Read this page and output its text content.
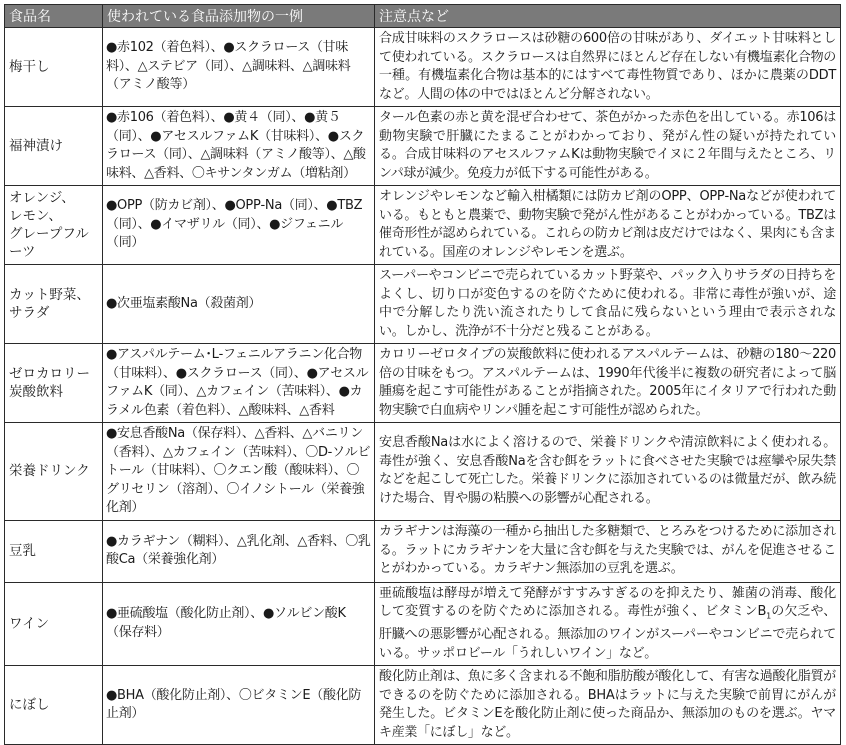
食品名	使われている食品添加物の一例	注意点など
梅干し	●赤102（着色料）、●スクラロース（甘味料）、△ステビア（同）、△調味料、△調味料（アミノ酸等）	合成甘味料のスクラロースは砂糖の600倍の甘味があり、ダイエット甘味料として使われている。スクラロースは自然界にほとんど存在しない有機塩素化合物の一種。有機塩素化合物は基本的にはすべて毒性物質であり、ほかに農薬のDDTなど。人間の体の中ではほとんど分解されない。
福神漬け	●赤106（着色料）、●黄４（同）、●黄５（同）、●アセスルファムK（甘味料）、●スクラロース（同）、△調味料（アミノ酸等）、△酸味料、△香料、〇キサンタンガム（増粘剤）	タール色素の赤と黄を混ぜ合わせて、茶色がかった赤色を出している。赤106は動物実験で肝臓にたまることがわかっており、発がん性の疑いが持たれている。合成甘味料のアセスルファムKは動物実験でイヌに２年間与えたところ、リンパ球が減少。免疫力が低下する可能性がある。
オレンジ、
レモン、
グレープフルーツ	●OPP（防カビ剤）、●OPP‐Na（同）、●TBZ（同）、●イマザリル（同）、●ジフェニル（同）	オレンジやレモンなど輸入柑橘類には防カビ剤のOPP、OPP‐Naなどが使われている。もともと農薬で、動物実験で発がん性があることがわかっている。TBZは催奇形性が認められている。これらの防カビ剤は皮だけではなく、果肉にも含まれている。国産のオレンジやレモンを選ぶ。
カット野菜、
サラダ	●次亜塩素酸Na（殺菌剤）	スーパーやコンビニで売られているカット野菜や、パック入りサラダの日持ちをよくし、切り口が変色するのを防ぐために使われる。非常に毒性が強いが、途中で分解したり洗い流されたりして食品に残らないという理由で表示されない。しかし、洗浄が不十分だと残ることがある。
ゼロカロリー
炭酸飲料	●アスパルテーム･L‐フェニルアラニン化合物（甘味料）、●スクラロース（同）、●アセスルファムK（同）、△カフェイン（苦味料）、●カラメル色素（着色料）、△酸味料、△香料	カロリーゼロタイプの炭酸飲料に使われるアスパルテームは、砂糖の180～220倍の甘味をもつ。アスパルテームは、1990年代後半に複数の研究者によって脳腫瘍を起こす可能性があることが指摘された。2005年にイタリアで行われた動物実験で白血病やリンパ腫を起こす可能性が認められた。
栄養ドリンク	●安息香酸Na（保存料）、△香料、△バニリン（香料）、△カフェイン（苦味料）、〇D‐ソルビトール（甘味料）、〇クエン酸（酸味料）、〇グリセリン（溶剤）、〇イノシトール（栄養強化剤）	安息香酸Naは水によく溶けるので、栄養ドリンクや清涼飲料によく使われる。毒性が強く、安息香酸Naを含む餌をラットに食べさせた実験では痙攣や尿失禁などを起こして死亡した。栄養ドリンクに添加されているのは微量だが、飲み続けた場合、胃や腸の粘膜への影響が心配される。
豆乳	●カラギナン（糊料）、△乳化剤、△香料、〇乳酸Ca（栄養強化剤）	カラギナンは海藻の一種から抽出した多糖類で、とろみをつけるために添加される。ラットにカラギナンを大量に含む餌を与えた実験では、がんを促進させることがわかっている。カラギナン無添加の豆乳を選ぶ。
ワイン	●亜硫酸塩（酸化防止剤）、●ソルビン酸K（保存料）	亜硫酸塩は酵母が増えて発酵がすすみすぎるのを抑えたり、雑菌の消毒、酸化して変質するのを防ぐために添加される。毒性が強く、ビタミン$B_1$の欠乏や、肝臓への悪影響が心配される。無添加のワインがスーパーやコンビニで売られている。サッポロビール「うれしいワイン」など。
にぼし	●BHA（酸化防止剤）、〇ビタミンE（酸化防止剤）	酸化防止剤は、魚に多く含まれる不飽和脂肪酸が酸化して、有害な過酸化脂質ができるのを防ぐために添加される。BHAはラットに与えた実験で前胃にがんが発生した。ビタミンEを酸化防止剤に使った商品か、無添加のものを選ぶ。ヤマキ産業「にぼし」など。
